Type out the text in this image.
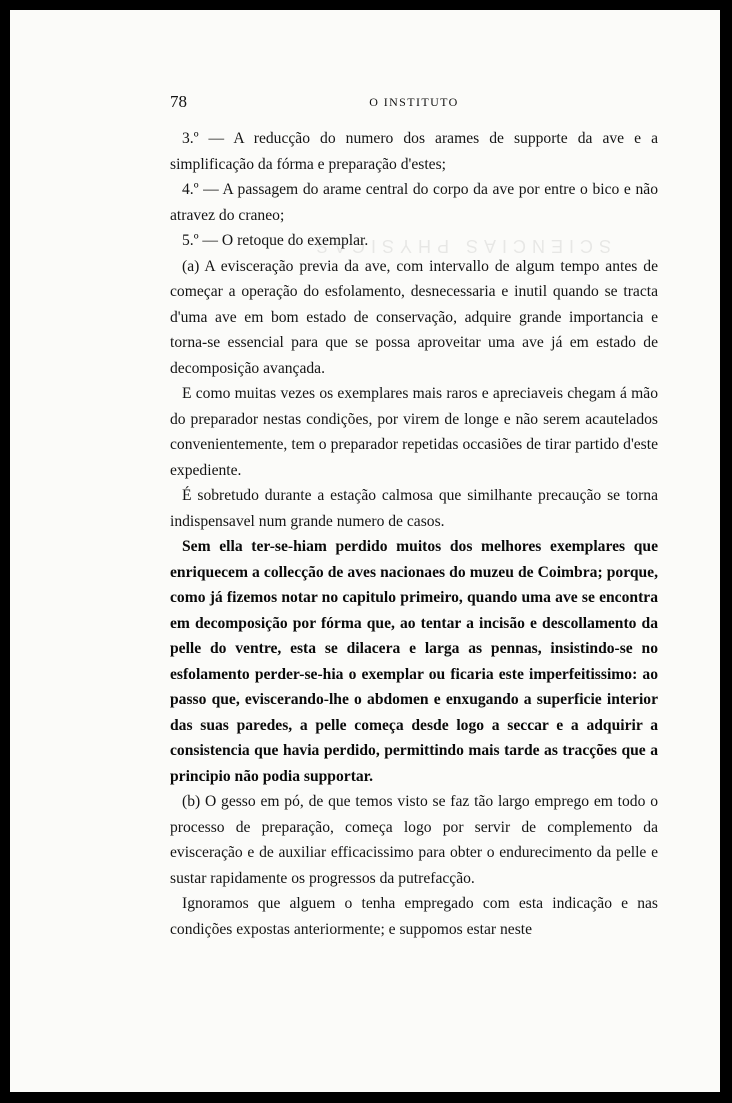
SCIENCIAS PHYSICAS
78	O INSTITUTO

3.º — A reducção do numero dos arames de supporte da ave e a simplificação da fórma e preparação d'estes;

4.º — A passagem do arame central do corpo da ave por entre o bico e não atravez do craneo;

5.º — O retoque do exemplar.

(a) A evisceração previa da ave, com intervallo de algum tempo antes de começar a operação do esfolamento, desnecessaria e inutil quando se tracta d'uma ave em bom estado de conservação, adquire grande importancia e torna-se essencial para que se possa aproveitar uma ave já em estado de decomposição avançada.

E como muitas vezes os exemplares mais raros e apreciaveis chegam á mão do preparador nestas condições, por virem de longe e não serem acautelados convenientemente, tem o preparador repetidas occasiões de tirar partido d'este expediente.

É sobretudo durante a estação calmosa que similhante precaução se torna indispensavel num grande numero de casos.

Sem ella ter-se-hiam perdido muitos dos melhores exemplares que enriquecem a collecção de aves nacionaes do muzeu de Coimbra; porque, como já fizemos notar no capitulo primeiro, quando uma ave se encontra em decomposição por fórma que, ao tentar a incisão e descollamento da pelle do ventre, esta se dilacera e larga as pennas, insistindo-se no esfolamento perder-se-hia o exemplar ou ficaria este imperfeitissimo: ao passo que, eviscerando-lhe o abdomen e enxugando a superficie interior das suas paredes, a pelle começa desde logo a seccar e a adquirir a consistencia que havia perdido, permittindo mais tarde as tracções que a principio não podia supportar.

(b) O gesso em pó, de que temos visto se faz tão largo emprego em todo o processo de preparação, começa logo por servir de complemento da evisceração e de auxiliar efficacissimo para obter o endurecimento da pelle e sustar rapidamente os progressos da putrefacção.

Ignoramos que alguem o tenha empregado com esta indicação e nas condições expostas anteriormente; e suppomos estar neste
